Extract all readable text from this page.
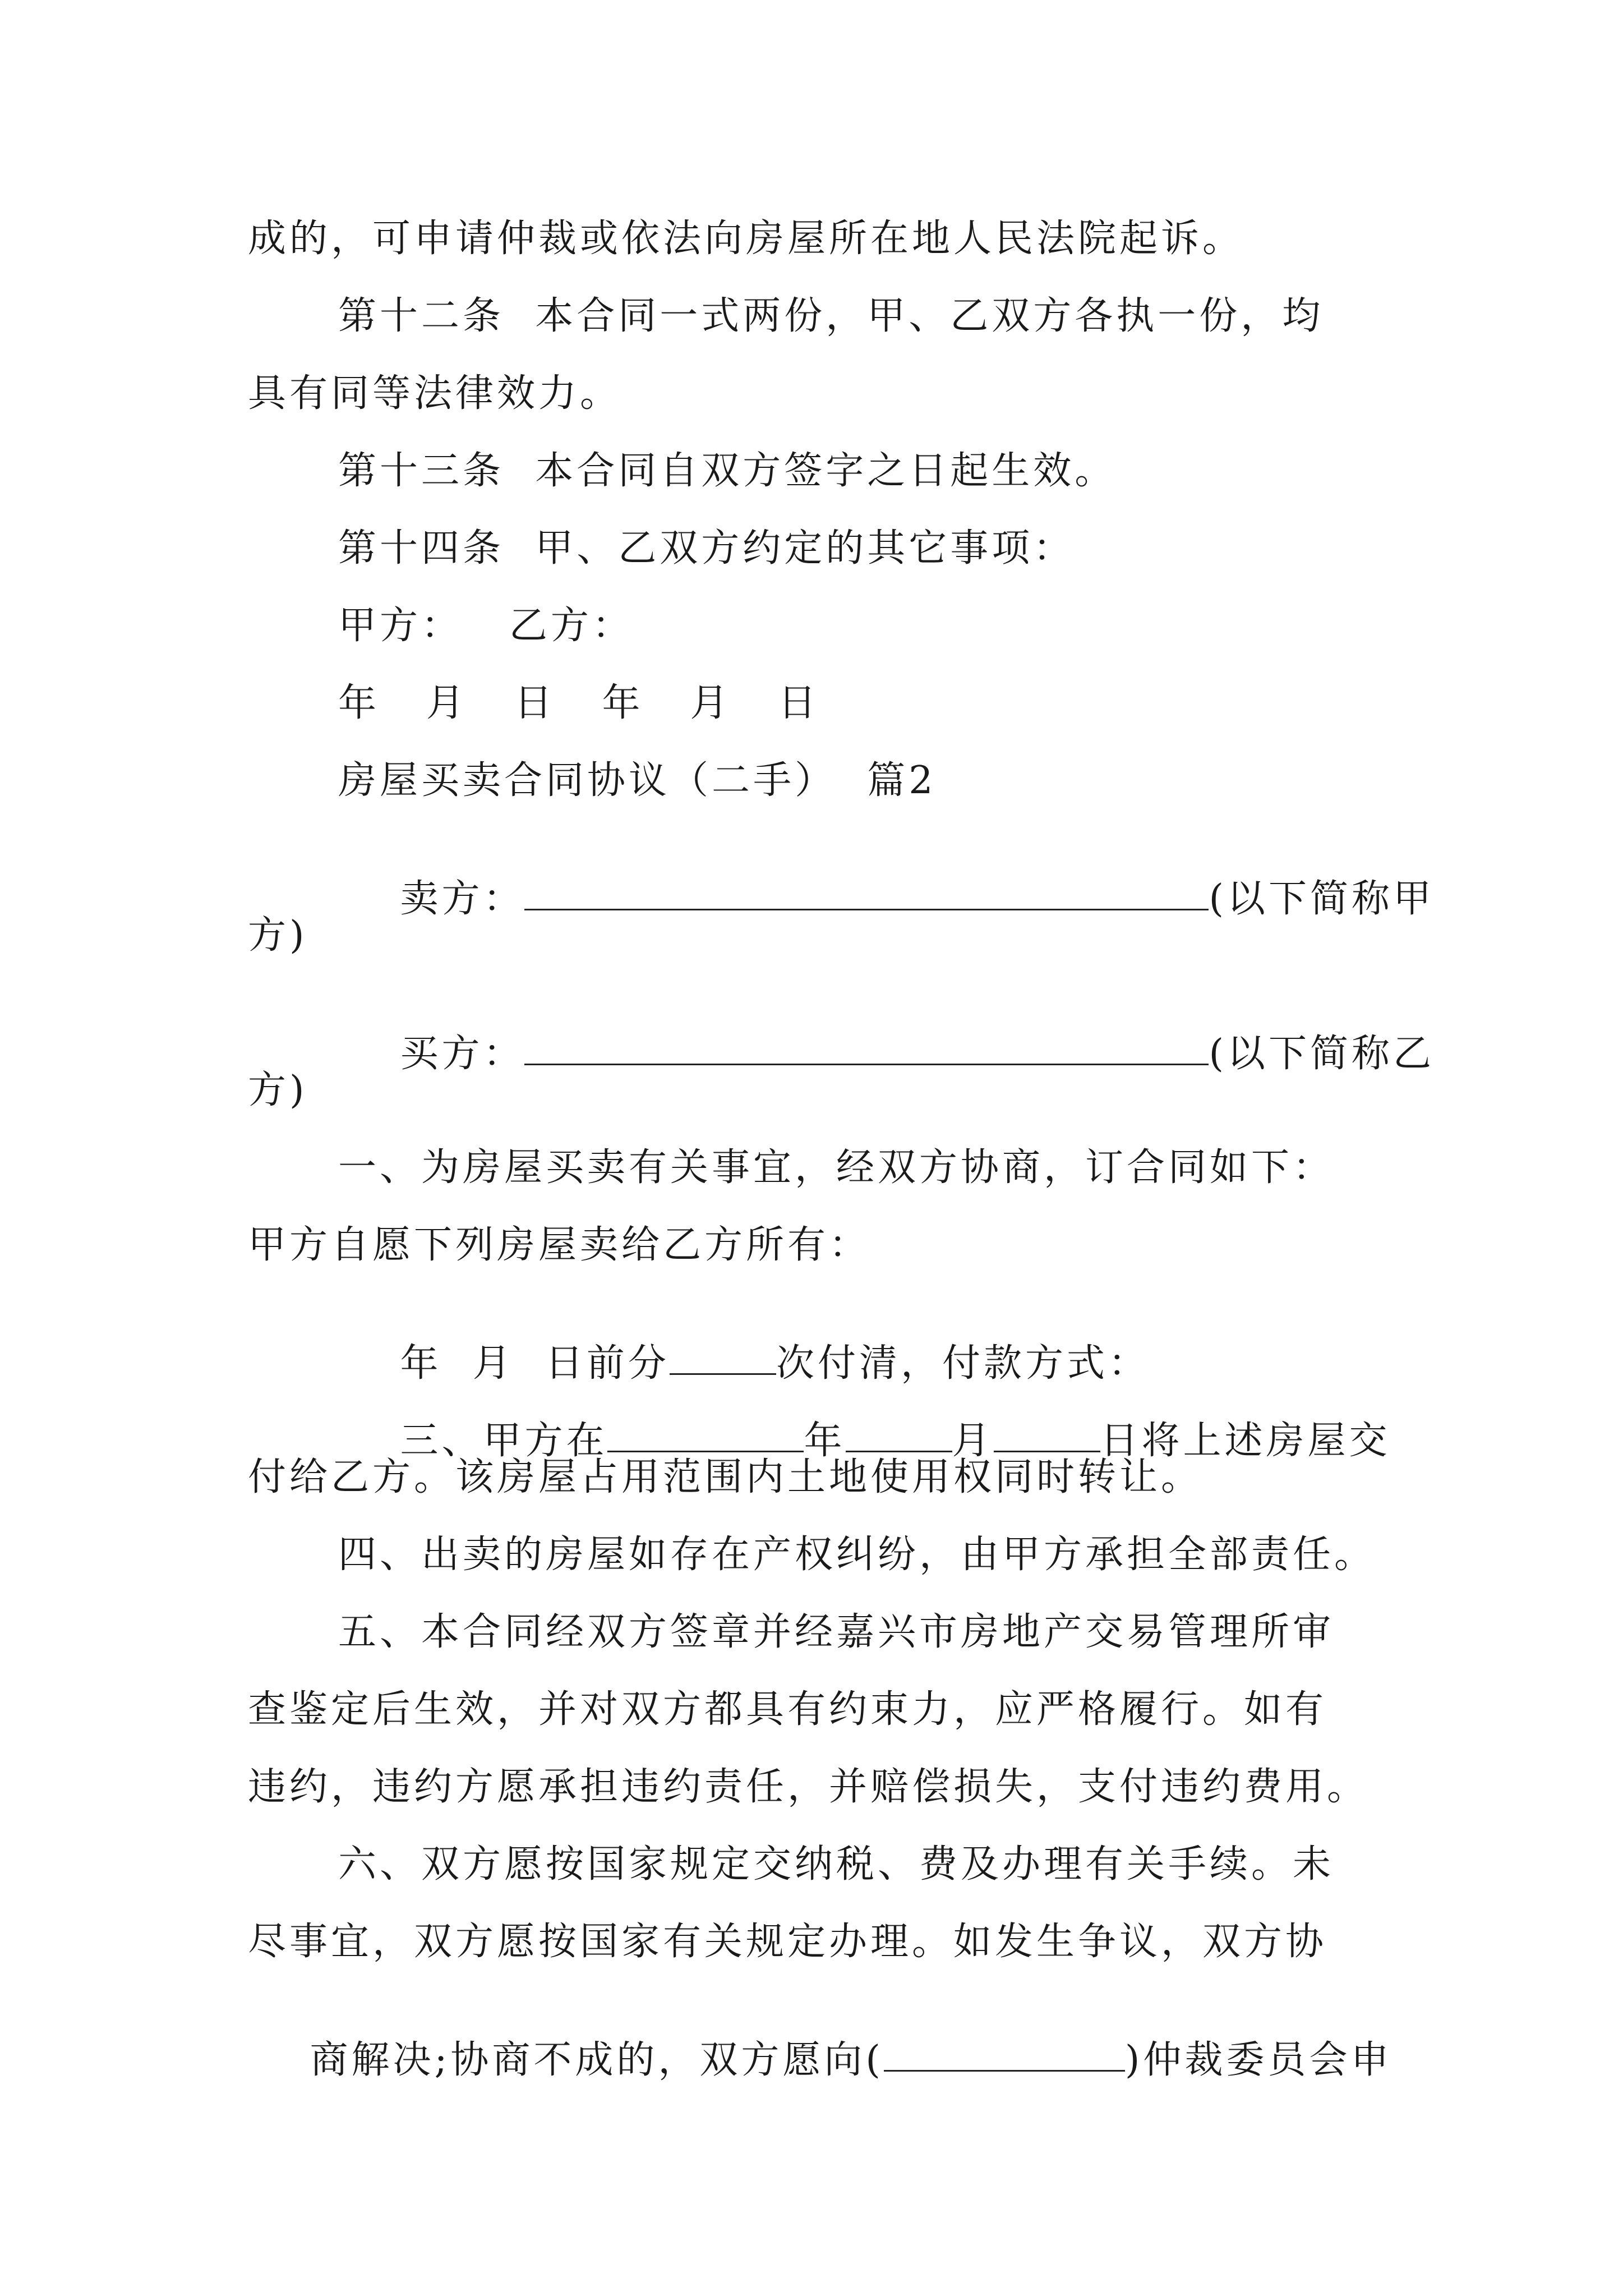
成的，可申请仲裁或依法向房屋所在地人民法院起诉。
第十二条  本合同一式两份，甲、乙双方各执一份，均
具有同等法律效力。
第十三条  本合同自双方签字之日起生效。
第十四条  甲、乙双方约定的其它事项：
甲方：   乙方：
年   月   日   年   月   日
房屋买卖合同协议（二手）  篇2

卖方：	(以下简称甲

方)

买方：	(以下简称乙

方)
一、为房屋买卖有关事宜，经双方协商，订合同如下：
甲方自愿下列房屋卖给乙方所有：

年  月  日前分	次付清，付款方式：

三、甲方在	年	月	日将上述房屋交

付给乙方。该房屋占用范围内土地使用权同时转让。
四、出卖的房屋如存在产权纠纷，由甲方承担全部责任。
五、本合同经双方签章并经嘉兴市房地产交易管理所审
查鉴定后生效，并对双方都具有约束力，应严格履行。如有
违约，违约方愿承担违约责任，并赔偿损失，支付违约费用。
六、双方愿按国家规定交纳税、费及办理有关手续。未
尽事宜，双方愿按国家有关规定办理。如发生争议，双方协

商解决;协商不成的，双方愿向(	)仲裁委员会申
